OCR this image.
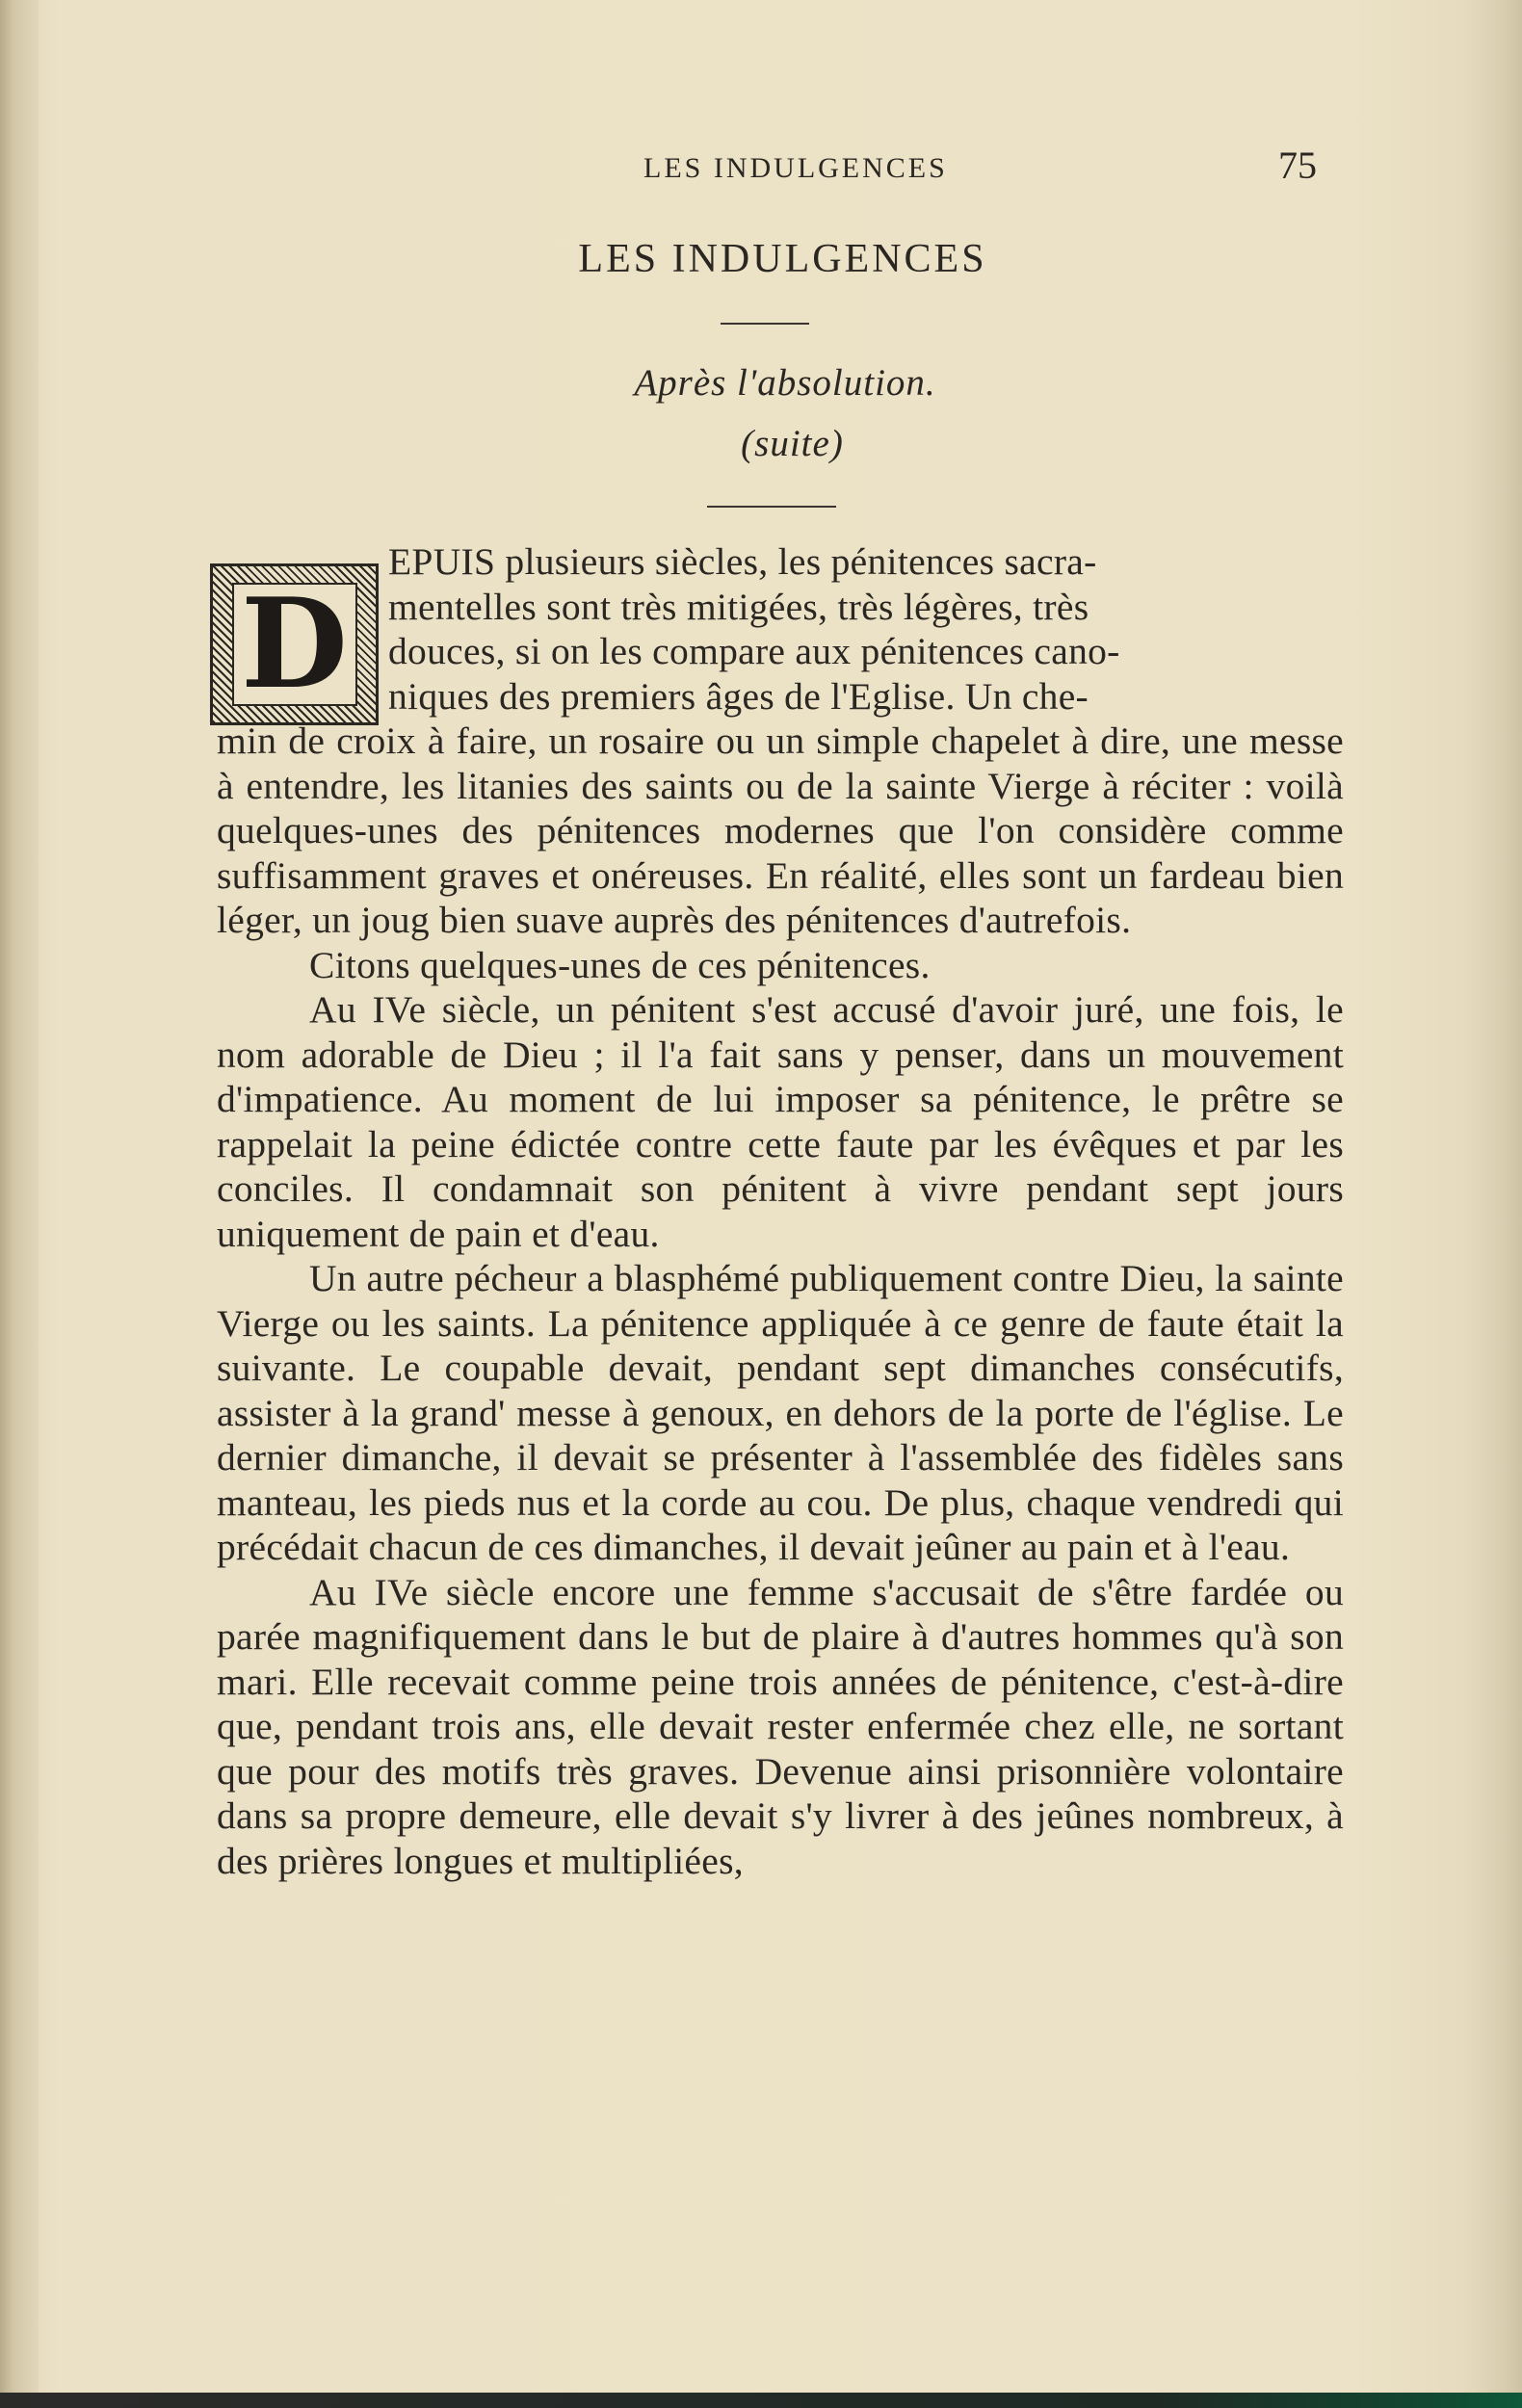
LES INDULGENCES	75
LES INDULGENCES
Après l'absolution.
(suite)
D
EPUIS plusieurs siècles, les pénitences sacra-
mentelles sont très mitigées, très légères, très
douces, si on les compare aux pénitences cano-
niques des premiers âges de l'Eglise. Un che-

min de croix à faire, un rosaire ou un simple chapelet à dire, une messe à entendre, les litanies des saints ou de la sainte Vierge à réciter : voilà quelques-unes des pénitences modernes que l'on considère comme suffisamment graves et onéreuses. En réalité, elles sont un fardeau bien léger, un joug bien suave auprès des pénitences d'autrefois.

Citons quelques-unes de ces pénitences.

Au IVe siècle, un pénitent s'est accusé d'avoir juré, une fois, le nom adorable de Dieu ; il l'a fait sans y penser, dans un mouvement d'impatience. Au moment de lui imposer sa pénitence, le prêtre se rappelait la peine édictée contre cette faute par les évêques et par les conciles. Il condamnait son pénitent à vivre pendant sept jours uniquement de pain et d'eau.

Un autre pécheur a blasphémé publiquement contre Dieu, la sainte Vierge ou les saints. La pénitence appliquée à ce genre de faute était la suivante. Le coupable devait, pendant sept dimanches consécutifs, assister à la grand' messe à genoux, en dehors de la porte de l'église. Le dernier dimanche, il devait se présenter à l'assemblée des fidèles sans manteau, les pieds nus et la corde au cou. De plus, chaque vendredi qui précédait chacun de ces dimanches, il devait jeûner au pain et à l'eau.

Au IVe siècle encore une femme s'accusait de s'être fardée ou parée magnifiquement dans le but de plaire à d'autres hommes qu'à son mari. Elle recevait comme peine trois années de pénitence, c'est-à-dire que, pendant trois ans, elle devait rester enfermée chez elle, ne sortant que pour des motifs très graves. Devenue ainsi prisonnière volontaire dans sa propre demeure, elle devait s'y livrer à des jeûnes nombreux, à des prières longues et multipliées,
